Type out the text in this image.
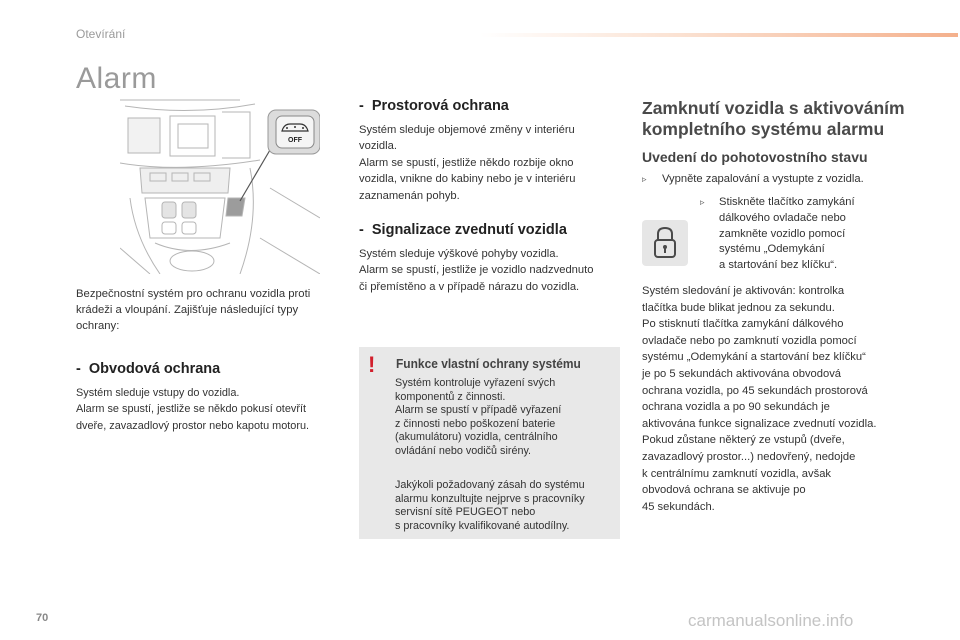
Otevírání
Alarm
OFF
Bezpečnostní systém pro ochranu vozidla proti krádeži a vloupání. Zajišťuje následující typy ochrany:
-  Obvodová ochrana
Systém sleduje vstupy do vozidla.
Alarm se spustí, jestliže se někdo pokusí otevřít
dveře, zavazadlový prostor nebo kapotu motoru.
-  Prostorová ochrana
Systém sleduje objemové změny v interiéru
vozidla.
Alarm se spustí, jestliže někdo rozbije okno
vozidla, vnikne do kabiny nebo je v interiéru
zaznamenán pohyb.
-  Signalizace zvednutí vozidla
Systém sleduje výškové pohyby vozidla.
Alarm se spustí, jestliže je vozidlo nadzvednuto
či přemístěno a v případě nárazu do vozidla.
! Funkce vlastní ochrany systému
Systém kontroluje vyřazení svých
komponentů z činnosti.
Alarm se spustí v případě vyřazení
z činnosti nebo poškození baterie
(akumulátoru) vozidla, centrálního
ovládání nebo vodičů sirény.
Jakýkoli požadovaný zásah do systému
alarmu konzultujte nejprve s pracovníky
servisní sítě PEUGEOT nebo
s pracovníky kvalifikované autodílny.
Zamknutí vozidla s aktivováním
kompletního systému alarmu
Uvedení do pohotovostního stavu
▹ Vypněte zapalování a vystupte z vozidla.
▹ Stiskněte tlačítko zamykání
dálkového ovladače nebo
zamkněte vozidlo pomocí
systému „Odemykání
a startování bez klíčku“.
Systém sledování je aktivován: kontrolka
tlačítka bude blikat jednou za sekundu.
Po stisknutí tlačítka zamykání dálkového
ovladače nebo po zamknutí vozidla pomocí
systému „Odemykání a startování bez klíčku“
je po 5 sekundách aktivována obvodová
ochrana vozidla, po 45 sekundách prostorová
ochrana vozidla a po 90 sekundách je
aktivována funkce signalizace zvednutí vozidla.
Pokud zůstane některý ze vstupů (dveře,
zavazadlový prostor...) nedovřený, nedojde
k centrálnímu zamknutí vozidla, avšak
obvodová ochrana se aktivuje po
45 sekundách.
70	carmanualsonline.info
